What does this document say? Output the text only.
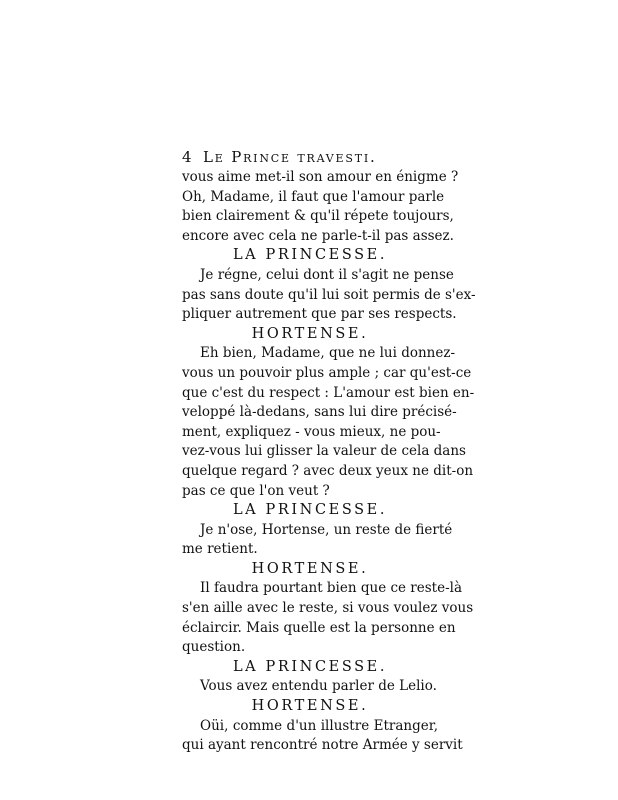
4 Le Prince travesti.
vous aime met-il son amour en énigme ?
Oh, Madame, il faut que l'amour parle
bien clairement & qu'il répete toujours,
encore avec cela ne parle-t-il pas assez.
LA PRINCESSE.
Je régne, celui dont il s'agit ne pense
pas sans doute qu'il lui soit permis de s'ex-
pliquer autrement que par ses respects.
HORTENSE.
Eh bien, Madame, que ne lui donnez-
vous un pouvoir plus ample ; car qu'est-ce
que c'est du respect : L'amour est bien en-
veloppé là-dedans, sans lui dire précisé-
ment, expliquez - vous mieux, ne pou-
vez-vous lui glisser la valeur de cela dans
quelque regard ? avec deux yeux ne dit-on
pas ce que l'on veut ?
LA PRINCESSE.
Je n'ose, Hortense, un reste de fierté
me retient.
HORTENSE.
Il faudra pourtant bien que ce reste-là
s'en aille avec le reste, si vous voulez vous
éclaircir. Mais quelle est la personne en
question.
LA PRINCESSE.
Vous avez entendu parler de Lelio.
HORTENSE.
Oüi, comme d'un illustre Etranger,
qui ayant rencontré notre Armée y servit
